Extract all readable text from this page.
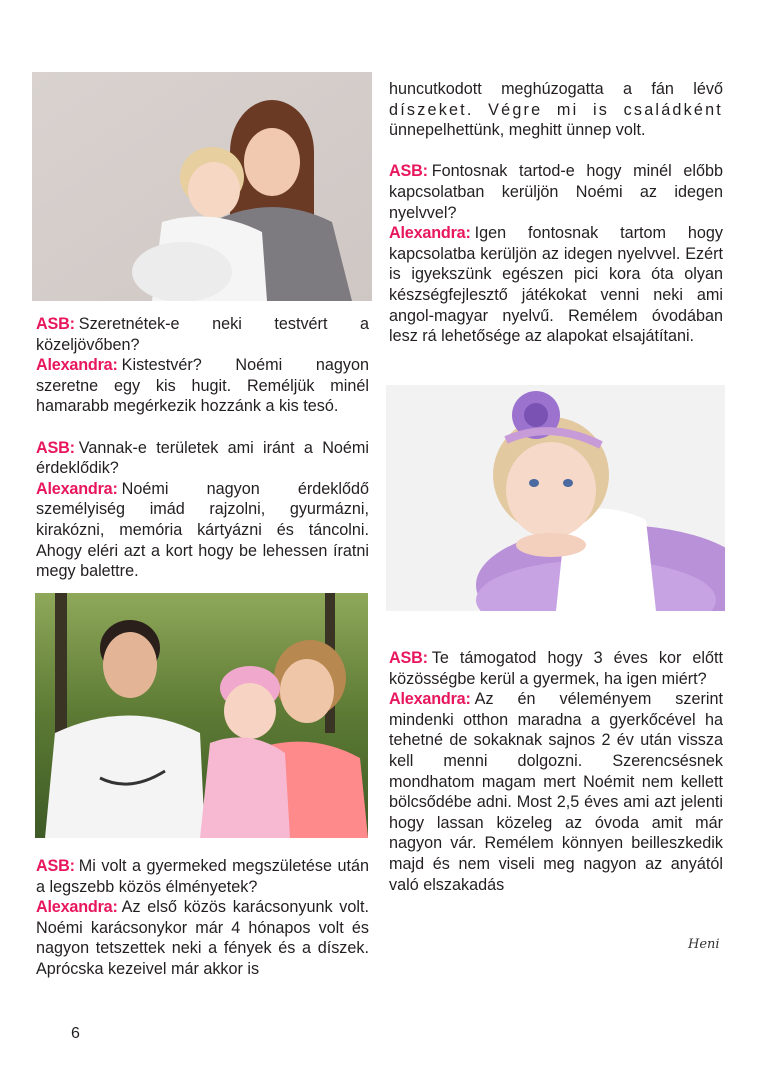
ASB: Szeretnétek-e neki testvért a közeljövőben?

Alexandra: Kistestvér? Noémi nagyon szeretne egy kis hugit. Reméljük minél hamarabb megérkezik hozzánk a kis tesó.

ASB: Vannak-e területek ami iránt a Noémi érdeklődik?

Alexandra: Noémi nagyon érdeklődő személyiség imád rajzolni, gyurmázni, kirakózni, memória kártyázni és táncolni. Ahogy eléri azt a kort hogy be lehessen íratni megy balettre.

ASB: Mi volt a gyermeked megszületése után a legszebb közös élményetek?

Alexandra: Az első közös karácsonyunk volt. Noémi karácsonykor már 4 hónapos volt és nagyon tetszettek neki a fények és a díszek. Aprócska kezeivel már akkor is

huncutkodott meghúzogatta a fán lévő

díszeket. Végre mi is családként

ünnepelhettünk, meghitt ünnep volt.

ASB: Fontosnak tartod-e hogy minél előbb kapcsolatban kerüljön Noémi az idegen nyelvvel?

Alexandra: Igen fontosnak tartom hogy kapcsolatba kerüljön az idegen nyelvvel. Ezért is igyekszünk egészen pici kora óta olyan készségfejlesztő játékokat venni neki ami angol-magyar nyelvű. Remélem óvodában lesz rá lehetősége az alapokat elsajátítani.

ASB: Te támogatod hogy 3 éves kor előtt közösségbe kerül a gyermek, ha igen miért?

Alexandra: Az én véleményem szerint mindenki otthon maradna a gyerkőcével ha tehetné de sokaknak sajnos 2 év után vissza kell menni dolgozni. Szerencsésnek mondhatom magam mert Noémit nem kellett bölcsődébe adni. Most 2,5 éves ami azt jelenti hogy lassan közeleg az óvoda amit már nagyon vár. Remélem könnyen beilleszkedik majd és nem viseli meg nagyon az anyától való elszakadás

Heni
6
